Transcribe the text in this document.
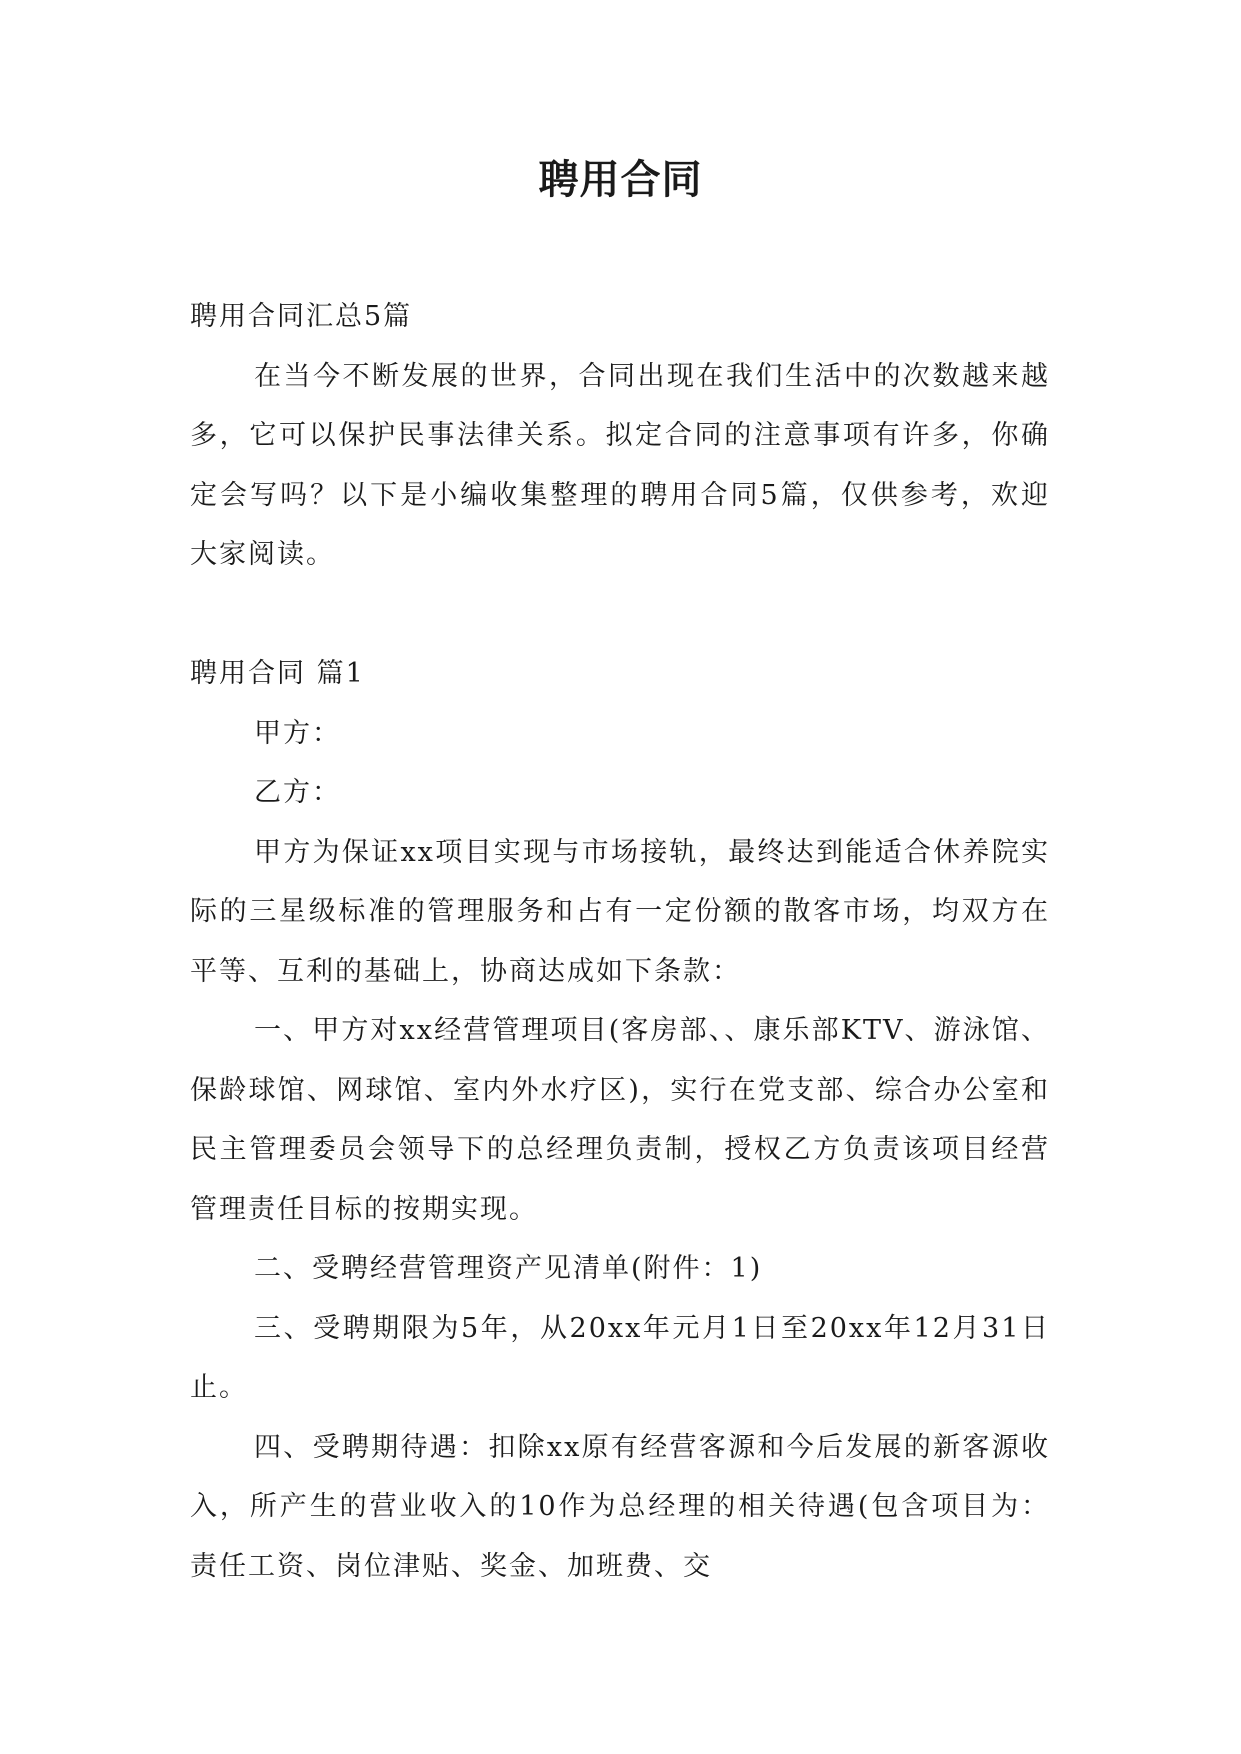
聘用合同

聘用合同汇总5篇

在当今不断发展的世界，合同出现在我们生活中的次数越来越多，它可以保护民事法律关系。拟定合同的注意事项有许多，你确定会写吗？以下是小编收集整理的聘用合同5篇，仅供参考，欢迎大家阅读。

聘用合同 篇1

甲方：

乙方：

甲方为保证xx项目实现与市场接轨，最终达到能适合休养院实际的三星级标准的管理服务和占有一定份额的散客市场，均双方在平等、互利的基础上，协商达成如下条款：

一、甲方对xx经营管理项目(客房部、、康乐部KTV、游泳馆、保龄球馆、网球馆、室内外水疗区)，实行在党支部、综合办公室和民主管理委员会领导下的总经理负责制，授权乙方负责该项目经营管理责任目标的按期实现。

二、受聘经营管理资产见清单(附件：1)

三、受聘期限为5年，从20xx年元月1日至20xx年12月31日止。

四、受聘期待遇：扣除xx原有经营客源和今后发展的新客源收入，所产生的营业收入的10作为总经理的相关待遇(包含项目为：责任工资、岗位津贴、奖金、加班费、交
